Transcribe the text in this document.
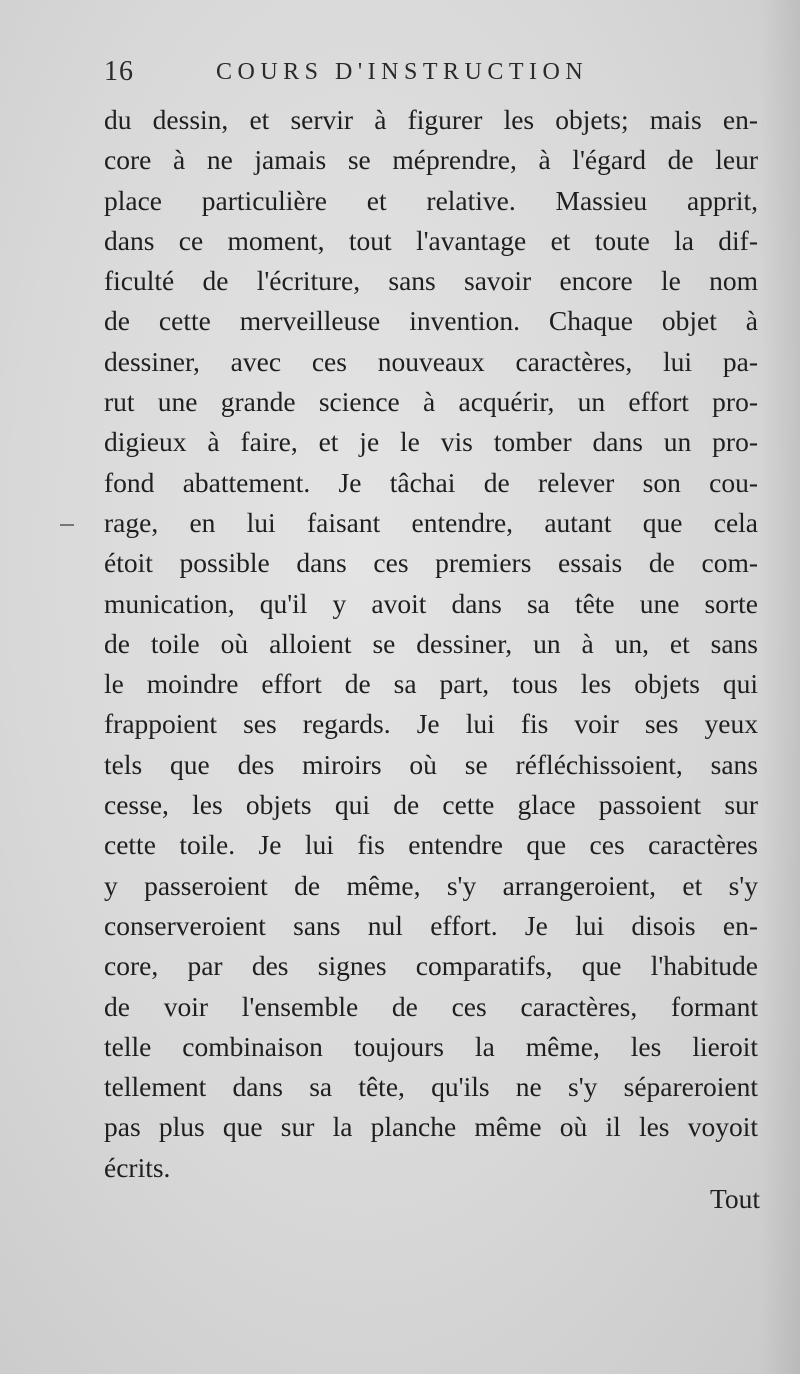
16	COURS D'INSTRUCTION
du dessin, et servir à figurer les objets; mais en-
core à ne jamais se méprendre, à l'égard de leur
place particulière et relative. Massieu apprit,
dans ce moment, tout l'avantage et toute la dif-
ficulté de l'écriture, sans savoir encore le nom
de cette merveilleuse invention. Chaque objet à
dessiner, avec ces nouveaux caractères, lui pa-
rut une grande science à acquérir, un effort pro-
digieux à faire, et je le vis tomber dans un pro-
fond abattement. Je tâchai de relever son cou-
rage, en lui faisant entendre, autant que cela
étoit possible dans ces premiers essais de com-
munication, qu'il y avoit dans sa tête une sorte
de toile où alloient se dessiner, un à un, et sans
le moindre effort de sa part, tous les objets qui
frappoient ses regards. Je lui fis voir ses yeux
tels que des miroirs où se réfléchissoient, sans
cesse, les objets qui de cette glace passoient sur
cette toile. Je lui fis entendre que ces caractères
y passeroient de même, s'y arrangeroient, et s'y
conserveroient sans nul effort. Je lui disois en-
core, par des signes comparatifs, que l'habitude
de voir l'ensemble de ces caractères, formant
telle combinaison toujours la même, les lieroit
tellement dans sa tête, qu'ils ne s'y sépareroient
pas plus que sur la planche même où il les voyoit
écrits.
Tout
